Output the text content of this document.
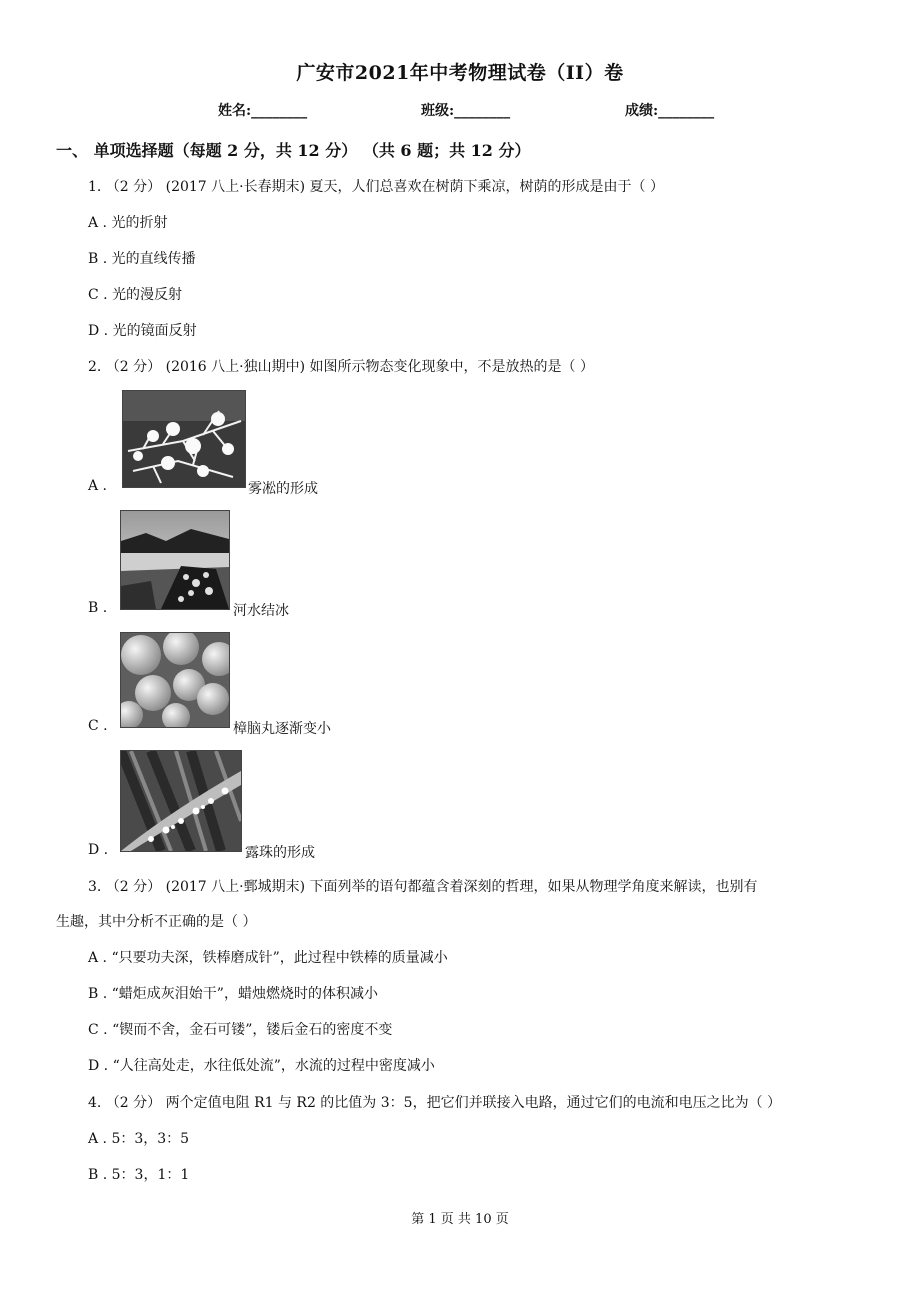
广安市2021年中考物理试卷（II）卷
姓名:________	班级:________	成绩:________
一、 单项选择题（每题 2 分，共 12 分） （共 6 题；共 12 分）
1. （2 分） (2017 八上·长春期末) 夏天，人们总喜欢在树荫下乘凉，树荫的形成是由于（ ）
A . 光的折射
B . 光的直线传播
C . 光的漫反射
D . 光的镜面反射
2. （2 分） (2016 八上·独山期中) 如图所示物态变化现象中，不是放热的是（ ）
A .	雾凇的形成
B .	河水结冰
C .	樟脑丸逐渐变小
D .	露珠的形成
3. （2 分） (2017 八上·鄄城期末) 下面列举的语句都蕴含着深刻的哲理，如果从物理学角度来解读，也别有
生趣，其中分析不正确的是（ ）
A . “只要功夫深，铁棒磨成针”，此过程中铁棒的质量减小
B . “蜡炬成灰泪始干”，蜡烛燃烧时的体积减小
C . “锲而不舍，金石可镂”，镂后金石的密度不变
D . “人往高处走，水往低处流”，水流的过程中密度减小
4. （2 分） 两个定值电阻 R1 与 R2 的比值为 3：5，把它们并联接入电路，通过它们的电流和电压之比为（ ）
A . 5：3，3：5
B . 5：3，1：1
第 1 页 共 10 页
